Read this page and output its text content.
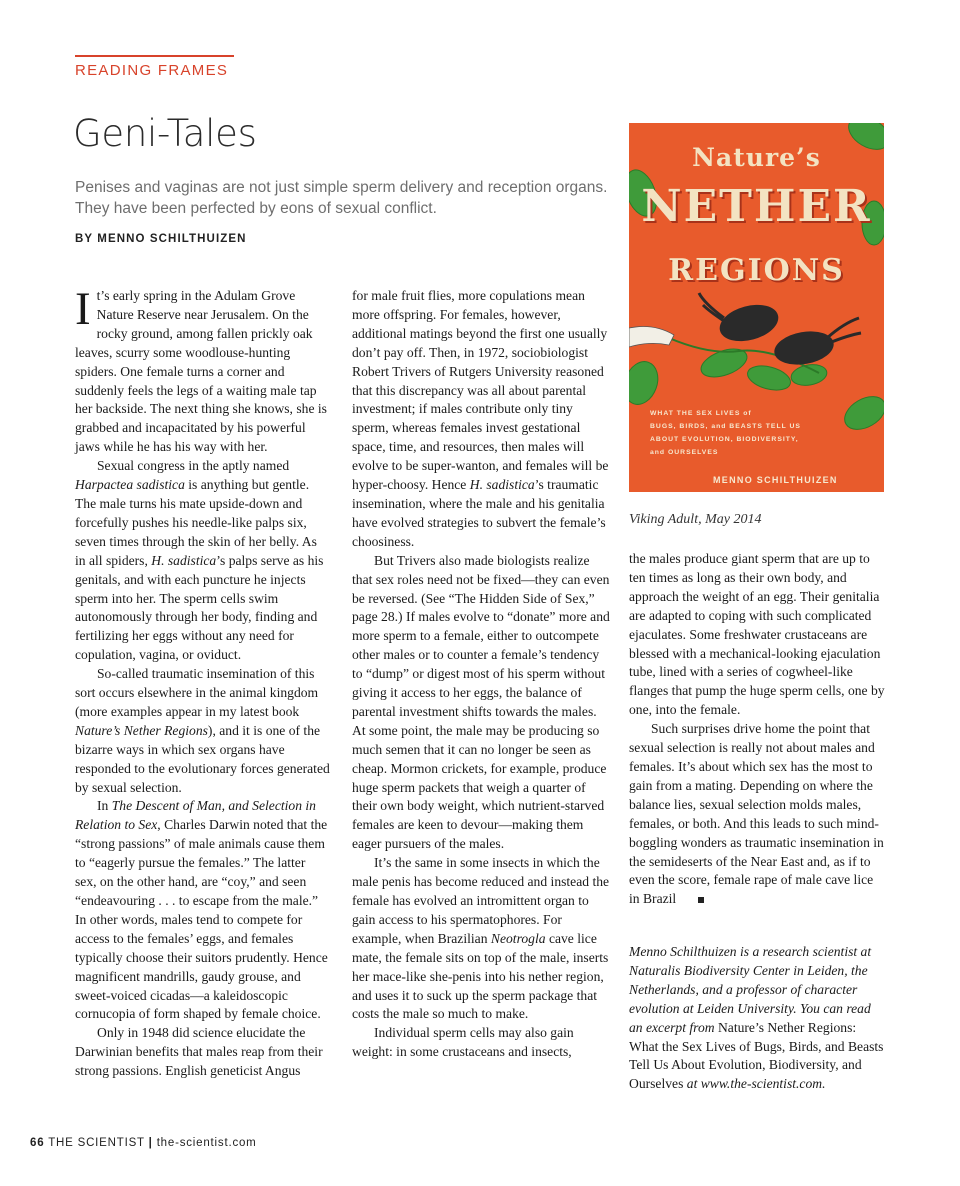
READING FRAMES
Geni-Tales
Penises and vaginas are not just simple sperm delivery and reception organs. They have been perfected by eons of sexual conflict.
BY MENNO SCHILTHUIZEN

It’s early spring in the Adulam Grove Nature Reserve near Jerusalem. On the rocky ground, among fallen prickly oak leaves, scurry some woodlouse-hunting spiders. One female turns a corner and suddenly feels the legs of a waiting male tap her backside. The next thing she knows, she is grabbed and incapacitated by his powerful jaws while he has his way with her.

Sexual congress in the aptly named Harpactea sadistica is anything but gentle. The male turns his mate upside-down and forcefully pushes his needle-like palps six, seven times through the skin of her belly. As in all spiders, H. sadistica’s palps serve as his genitals, and with each puncture he injects sperm into her. The sperm cells swim autonomously through her body, finding and fertilizing her eggs without any need for copulation, vagina, or oviduct.

So-called traumatic insemination of this sort occurs elsewhere in the animal kingdom (more examples appear in my latest book Nature’s Nether Regions), and it is one of the bizarre ways in which sex organs have responded to the evolutionary forces generated by sexual selection.

In The Descent of Man, and Selection in Relation to Sex, Charles Darwin noted that the “strong passions” of male animals cause them to “eagerly pursue the females.” The latter sex, on the other hand, are “coy,” and seen “endeavouring . . . to escape from the male.” In other words, males tend to compete for access to the females’ eggs, and females typically choose their suitors prudently. Hence magnificent mandrills, gaudy grouse, and sweet-voiced cicadas—a kaleidoscopic cornucopia of form shaped by female choice.

Only in 1948 did science elucidate the Darwinian benefits that males reap from their strong passions. English geneticist Angus

for male fruit flies, more copulations mean more offspring. For females, however, additional matings beyond the first one usually don’t pay off. Then, in 1972, sociobiologist Robert Trivers of Rutgers University reasoned that this discrepancy was all about parental investment; if males contribute only tiny sperm, whereas females invest gestational space, time, and resources, then males will evolve to be super-wanton, and females will be hyper-choosy. Hence H. sadistica’s traumatic insemination, where the male and his genitalia have evolved strategies to subvert the female’s choosiness.

But Trivers also made biologists realize that sex roles need not be fixed—they can even be reversed. (See “The Hidden Side of Sex,” page 28.) If males evolve to “donate” more and more sperm to a female, either to outcompete other males or to counter a female’s tendency to “dump” or digest most of his sperm without giving it access to her eggs, the balance of parental investment shifts towards the males. At some point, the male may be producing so much semen that it can no longer be seen as cheap. Mormon crickets, for example, produce huge sperm packets that weigh a quarter of their own body weight, which nutrient-starved females are keen to devour—making them eager pursuers of the males.

It’s the same in some insects in which the male penis has become reduced and instead the female has evolved an intromittent organ to gain access to his spermatophores. For example, when Brazilian Neotrogla cave lice mate, the female sits on top of the male, inserts her mace-like she-penis into his nether region, and uses it to suck up the sperm package that costs the male so much to make.

Individual sperm cells may also gain weight: in some crustaceans and insects,

the males produce giant sperm that are up to ten times as long as their own body, and approach the weight of an egg. Their genitalia are adapted to coping with such complicated ejaculates. Some freshwater crustaceans are blessed with a mechanical-looking ejaculation tube, lined with a series of cogwheel-like flanges that pump the huge sperm cells, one by one, into the female.

Such surprises drive home the point that sexual selection is really not about males and females. It’s about which sex has the most to gain from a mating. Depending on where the balance lies, sexual selection molds males, females, or both. And this leads to such mind-boggling wonders as traumatic insemination in the semideserts of the Near East and, as if to even the score, female rape of male cave lice in Brazil

Menno Schilthuizen is a research scientist at Naturalis Biodiversity Center in Leiden, the Netherlands, and a professor of character evolution at Leiden University. You can read an excerpt from Nature’s Nether Regions: What the Sex Lives of Bugs, Birds, and Beasts Tell Us About Evolution, Biodiversity, and Ourselves at www.the-scientist.com.
Nature’s
NETHER
REGIONS
WHAT THE SEX LIVES of
BUGS, BIRDS, and BEASTS TELL US
ABOUT EVOLUTION, BIODIVERSITY,
and OURSELVES
MENNO SCHILTHUIZEN
Viking Adult, May 2014
66 THE SCIENTIST | the-scientist.com
